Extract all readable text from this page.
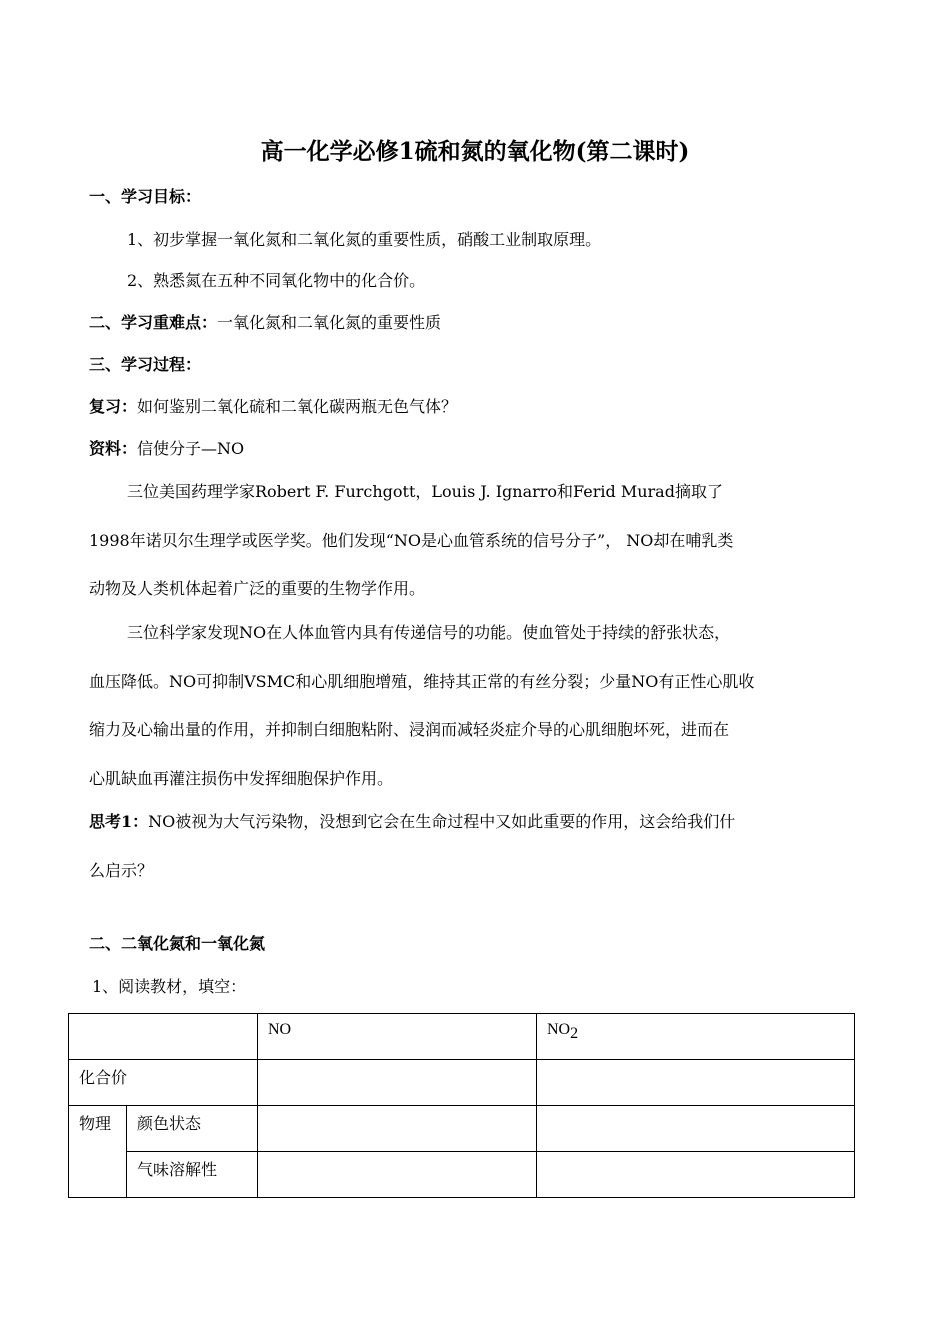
高一化学必修1硫和氮的氧化物(第二课时)
一、学习目标：
1、初步掌握一氧化氮和二氧化氮的重要性质，硝酸工业制取原理。
2、熟悉氮在五种不同氧化物中的化合价。
二、学习重难点：一氧化氮和二氧化氮的重要性质
三、学习过程：
复习：如何鉴别二氧化硫和二氧化碳两瓶无色气体？
资料：信使分子—NO
三位美国药理学家Robert F. Furchgott，Louis J. Ignarro和Ferid Murad摘取了
1998年诺贝尔生理学或医学奖。他们发现“NO是心血管系统的信号分子”， NO却在哺乳类
动物及人类机体起着广泛的重要的生物学作用。
三位科学家发现NO在人体血管内具有传递信号的功能。使血管处于持续的舒张状态，
血压降低。NO可抑制VSMC和心肌细胞增殖，维持其正常的有丝分裂；少量NO有正性心肌收
缩力及心输出量的作用，并抑制白细胞粘附、浸润而减轻炎症介导的心肌细胞坏死，进而在
心肌缺血再灌注损伤中发挥细胞保护作用。
思考1：NO被视为大气污染物，没想到它会在生命过程中又如此重要的作用，这会给我们什
么启示？
二、二氧化氮和一氧化氮
1、阅读教材，填空：
		NO	$NO_2$
化合价			
物理	颜色状态		
	气味溶解性		
